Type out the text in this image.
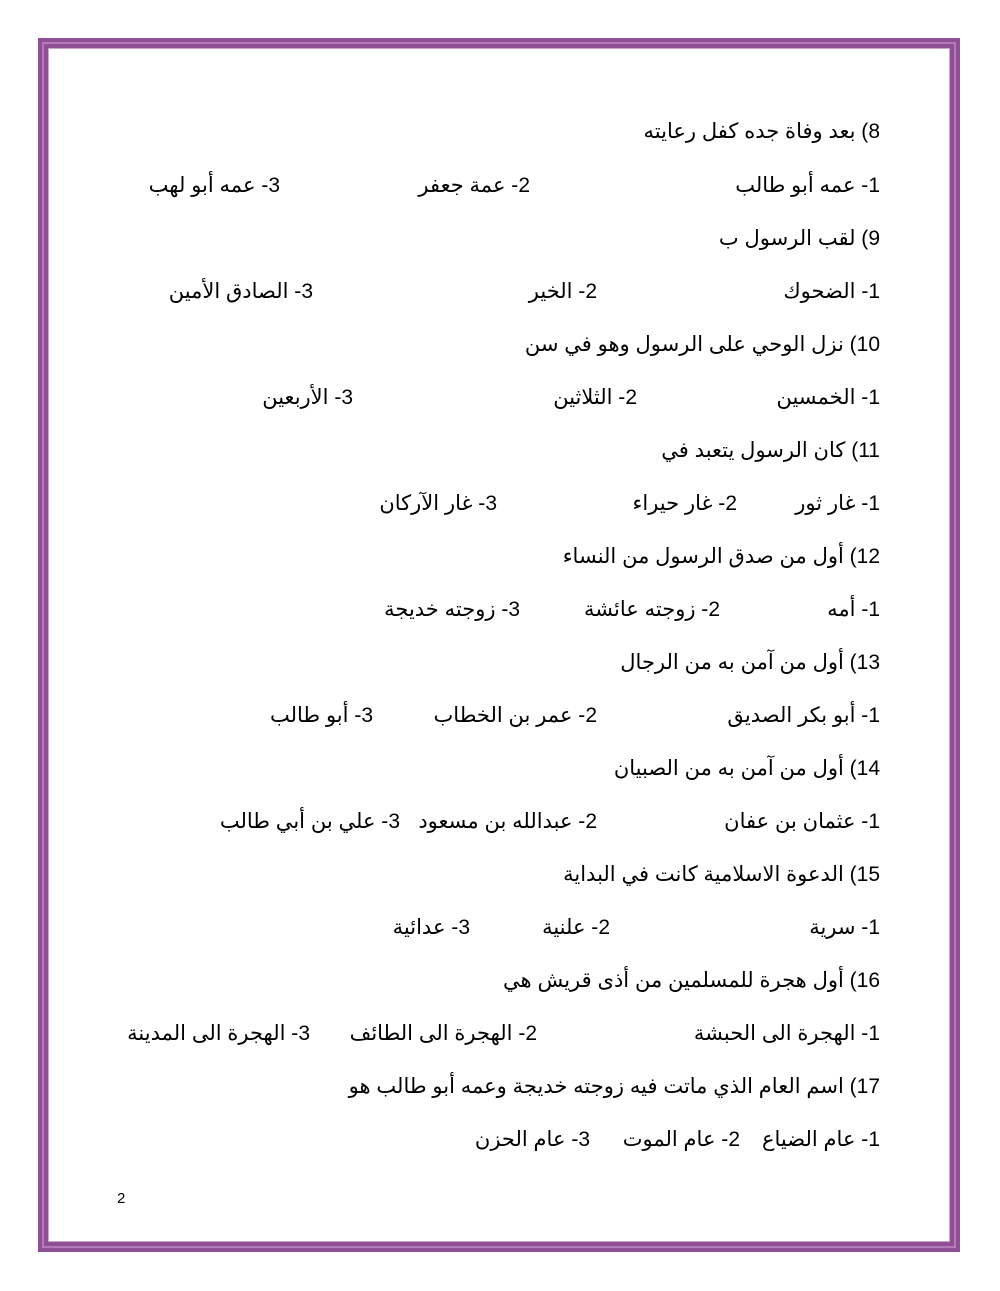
8) بعد وفاة جده كفل رعايته
1- عمه أبو طالب
2- عمة جعفر
3- عمه أبو لهب
9) لقب الرسول ب
1- الضحوك
2- الخير
3- الصادق الأمين
10) نزل الوحي على الرسول وهو في سن
1- الخمسين
2- الثلاثين
3- الأربعين
11) كان الرسول يتعبد في
1- غار ثور
2- غار حيراء
3- غار الآركان
12) أول من صدق الرسول من النساء
1- أمه
2- زوجته عائشة
3- زوجته خديجة
13) أول من آمن به من الرجال
1- أبو بكر الصديق
2- عمر بن الخطاب
3- أبو طالب
14) أول من آمن به من الصبيان
1- عثمان بن عفان
2- عبدالله بن مسعود
3- علي بن أبي طالب
15) الدعوة الاسلامية كانت في البداية
1- سرية
2- علنية
3- عدائية
16) أول هجرة للمسلمين من أذى قريش هي
1- الهجرة الى الحبشة
2- الهجرة الى الطائف
3- الهجرة الى المدينة
17) اسم العام الذي ماتت فيه زوجته خديجة وعمه أبو طالب هو
1- عام الضياع
2- عام الموت
3- عام الحزن
2
